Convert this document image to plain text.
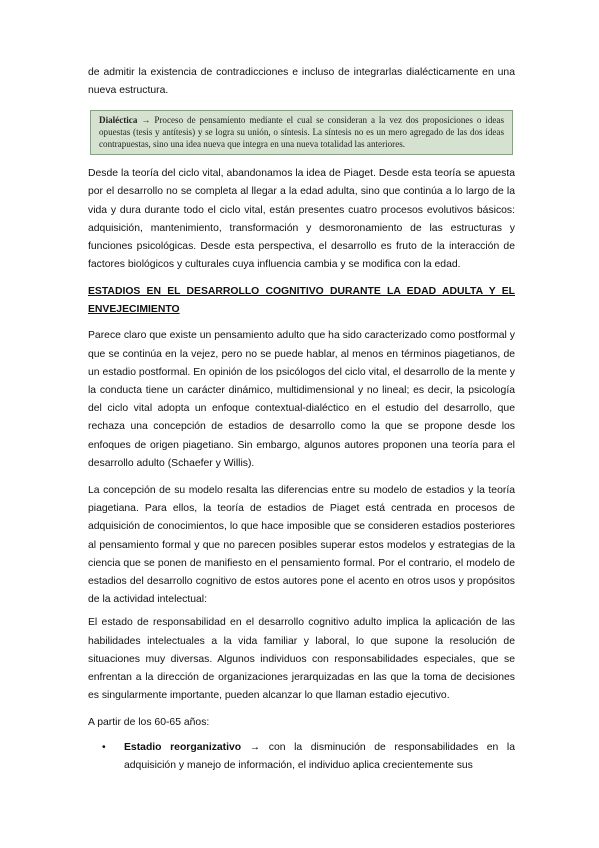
de admitir la existencia de contradicciones e incluso de integrarlas dialécticamente en una nueva estructura.

Dialéctica → Proceso de pensamiento mediante el cual se consideran a la vez dos proposiciones o ideas opuestas (tesis y antítesis) y se logra su unión, o síntesis. La síntesis no es un mero agregado de las dos ideas contrapuestas, sino una idea nueva que integra en una nueva totalidad las anteriores.

Desde la teoría del ciclo vital, abandonamos la idea de Piaget. Desde esta teoría se apuesta por el desarrollo no se completa al llegar a la edad adulta, sino que continúa a lo largo de la vida y dura durante todo el ciclo vital, están presentes cuatro procesos evolutivos básicos: adquisición, mantenimiento, transformación y desmoronamiento de las estructuras y funciones psicológicas. Desde esta perspectiva, el desarrollo es fruto de la interacción de factores biológicos y culturales cuya influencia cambia y se modifica con la edad.

ESTADIOS EN EL DESARROLLO COGNITIVO DURANTE LA EDAD ADULTA Y EL ENVEJECIMIENTO

Parece claro que existe un pensamiento adulto que ha sido caracterizado como postformal y que se continúa en la vejez, pero no se puede hablar, al menos en términos piagetianos, de un estadio postformal. En opinión de los psicólogos del ciclo vital, el desarrollo de la mente y la conducta tiene un carácter dinámico, multidimensional y no lineal; es decir, la psicología del ciclo vital adopta un enfoque contextual-dialéctico en el estudio del desarrollo, que rechaza una concepción de estadios de desarrollo como la que se propone desde los enfoques de origen piagetiano. Sin embargo, algunos autores proponen una teoría para el desarrollo adulto (Schaefer y Willis).

La concepción de su modelo resalta las diferencias entre su modelo de estadios y la teoría piagetiana. Para ellos, la teoría de estadios de Piaget está centrada en procesos de adquisición de conocimientos, lo que hace imposible que se consideren estadios posteriores al pensamiento formal y que no parecen posibles superar estos modelos y estrategias de la ciencia que se ponen de manifiesto en el pensamiento formal. Por el contrario, el modelo de estadios del desarrollo cognitivo de estos autores pone el acento en otros usos y propósitos de la actividad intelectual:

El estado de responsabilidad en el desarrollo cognitivo adulto implica la aplicación de las habilidades intelectuales a la vida familiar y laboral, lo que supone la resolución de situaciones muy diversas. Algunos individuos con responsabilidades especiales, que se enfrentan a la dirección de organizaciones jerarquizadas en las que la toma de decisiones es singularmente importante, pueden alcanzar lo que llaman estadio ejecutivo.

A partir de los 60-65 años:

•	Estadio reorganizativo → con la disminución de responsabilidades en la adquisición y manejo de información, el individuo aplica crecientemente sus
